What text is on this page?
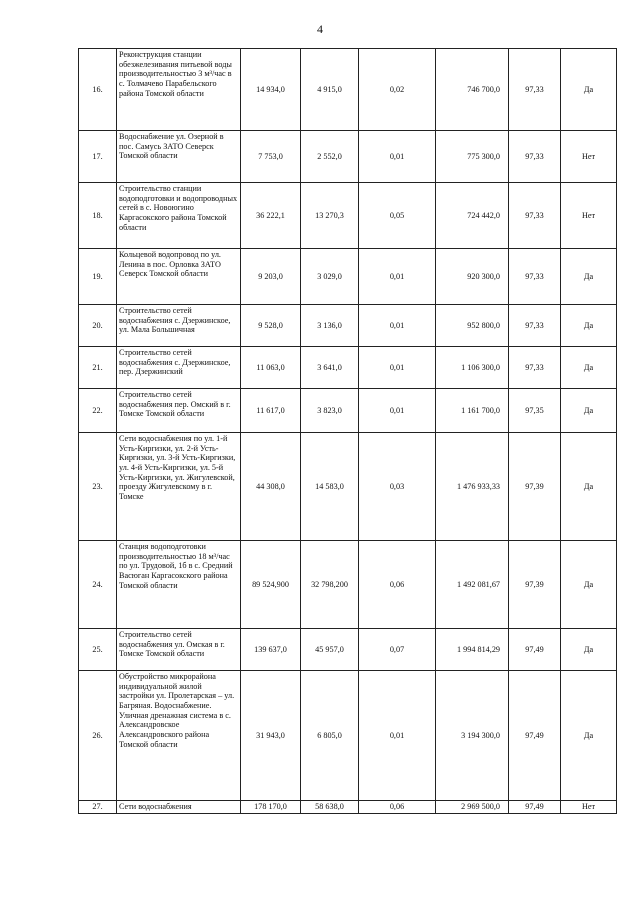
4
16.	Реконструкция станции обезжелезивания питьевой воды производительностью 3 м³/час в с. Толмачево Парабельского района Томской области	14 934,0	4 915,0	0,02	746 700,0	97,33	Да
17.	Водоснабжение ул. Озерной в пос. Самусь ЗАТО Северск Томской области	7 753,0	2 552,0	0,01	775 300,0	97,33	Нет
18.	Строительство станции водоподготовки и водопроводных сетей в с. Новоюгино Каргасокского района Томской области	36 222,1	13 270,3	0,05	724 442,0	97,33	Нет
19.	Кольцевой водопровод по ул. Ленина в пос. Орловка ЗАТО Северск Томской области	9 203,0	3 029,0	0,01	920 300,0	97,33	Да
20.	Строительство сетей водоснабжения с. Дзержинское, ул. Мала Большичная	9 528,0	3 136,0	0,01	952 800,0	97,33	Да
21.	Строительство сетей водоснабжения с. Дзержинское, пер. Дзержинский	11 063,0	3 641,0	0,01	1 106 300,0	97,33	Да
22.	Строительство сетей водоснабжения пер. Омский в г. Томске Томской области	11 617,0	3 823,0	0,01	1 161 700,0	97,35	Да
23.	Сети водоснабжения по ул. 1-й Усть-Киргизки, ул. 2-й Усть-Киргизки, ул. 3-й Усть-Киргизки, ул. 4-й Усть-Киргизки, ул. 5-й Усть-Киргизки, ул. Жигулевской, проезду Жигулевскому в г. Томске	44 308,0	14 583,0	0,03	1 476 933,33	97,39	Да
24.	Станция водоподготовки производительностью 18 м³/час по ул. Трудовой, 1б в с. Средний Васюган Каргасокского района Томской области	89 524,900	32 798,200	0,06	1 492 081,67	97,39	Да
25.	Строительство сетей водоснабжения ул. Омская в г. Томске Томской области	139 637,0	45 957,0	0,07	1 994 814,29	97,49	Да
26.	Обустройство микрорайона индивидуальной жилой застройки ул. Пролетарская – ул. Багряная. Водоснабжение. Уличная дренажная система в с. Александровское Александровского района Томской области	31 943,0	6 805,0	0,01	3 194 300,0	97,49	Да
27.	Сети водоснабжения	178 170,0	58 638,0	0,06	2 969 500,0	97,49	Нет
